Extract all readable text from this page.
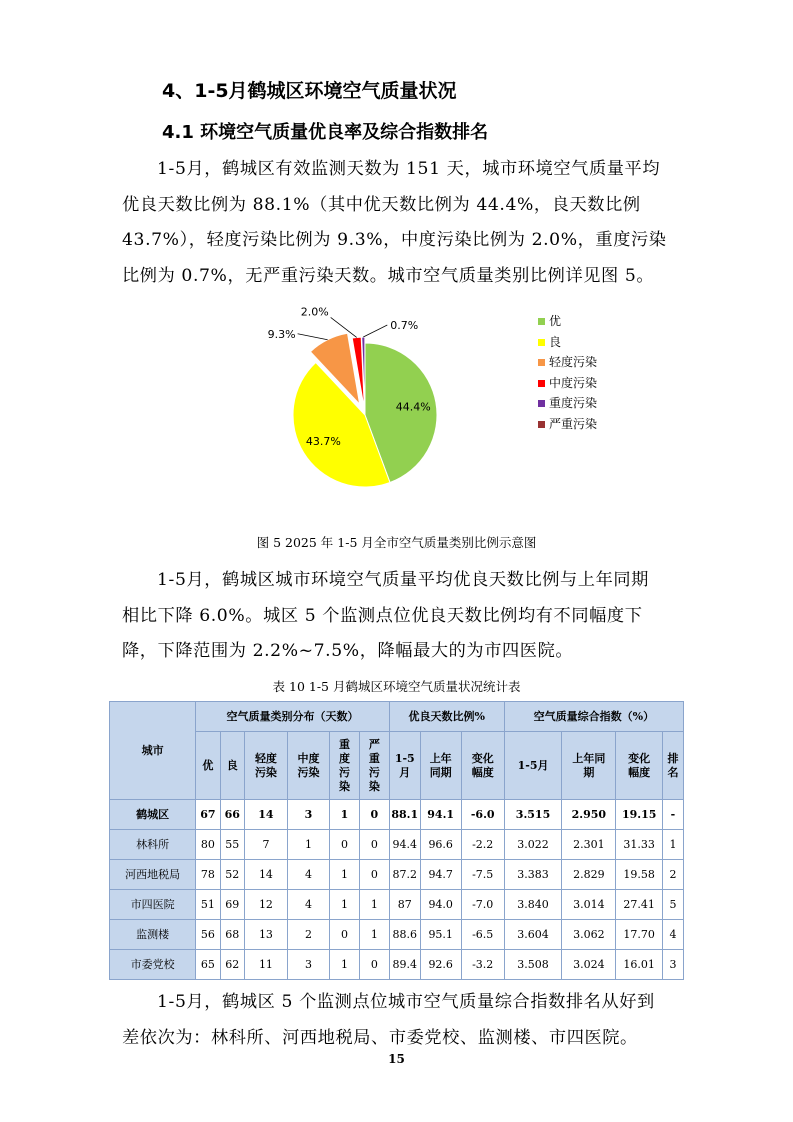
4、1-5月鹤城区环境空气质量状况
4.1 环境空气质量优良率及综合指数排名

1-5月，鹤城区有效监测天数为 151 天，城市环境空气质量平均

优良天数比例为 88.1%（其中优天数比例为 44.4%，良天数比例
43.7%），轻度污染比例为 9.3%，中度污染比例为 2.0%，重度污染
比例为 0.7%，无严重污染天数。城市空气质量类别比例详见图 5。
44.4%
43.7%
9.3%
2.0%
0.7%	优
良
轻度污染
中度污染
重度污染
严重污染
图 5 2025 年 1-5 月全市空气质量类别比例示意图

1-5月，鹤城区城市环境空气质量平均优良天数比例与上年同期

相比下降 6.0%。城区 5 个监测点位优良天数比例均有不同幅度下
降，下降范围为 2.2%~7.5%，降幅最大的为市四医院。
表 10 1-5 月鹤城区环境空气质量状况统计表
城市	空气质量类别分布（天数）						优良天数比例%			空气质量综合指数（%）			
	优	良	轻度污染	中度污染	重度污染	严重污染	1-5月	上年同期	变化幅度	1-5月	上年同期	变化幅度	排名
鹤城区	67	66	14	3	1	0	88.1	94.1	-6.0	3.515	2.950	19.15	-
林科所	80	55	7	1	0	0	94.4	96.6	-2.2	3.022	2.301	31.33	1
河西地税局	78	52	14	4	1	0	87.2	94.7	-7.5	3.383	2.829	19.58	2
市四医院	51	69	12	4	1	1	87	94.0	-7.0	3.840	3.014	27.41	5
监测楼	56	68	13	2	0	1	88.6	95.1	-6.5	3.604	3.062	17.70	4
市委党校	65	62	11	3	1	0	89.4	92.6	-3.2	3.508	3.024	16.01	3

1-5月，鹤城区 5 个监测点位城市空气质量综合指数排名从好到

差依次为：林科所、河西地税局、市委党校、监测楼、市四医院。
15
